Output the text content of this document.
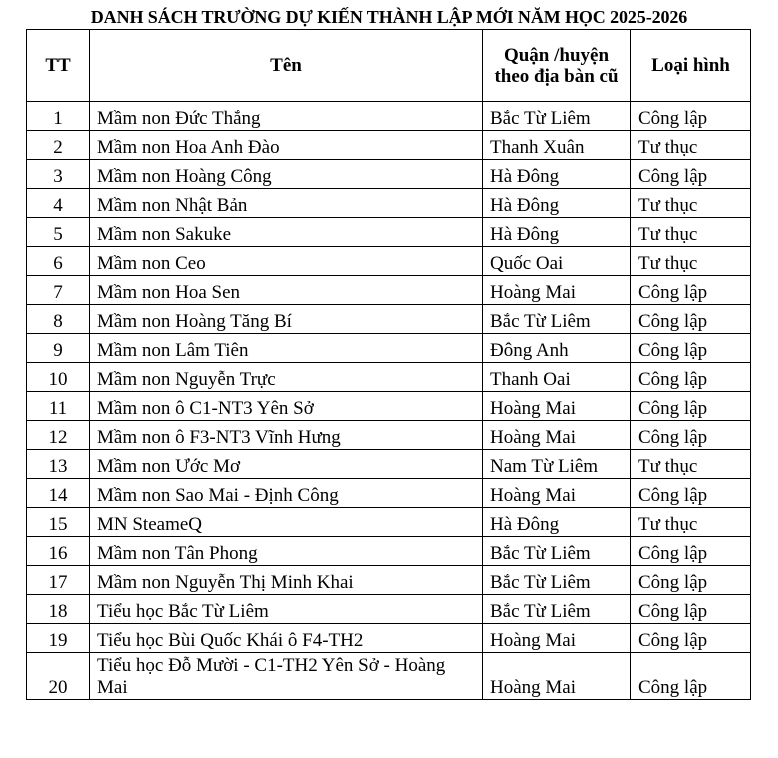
DANH SÁCH TRƯỜNG DỰ KIẾN THÀNH LẬP MỚI NĂM HỌC 2025-2026
TT	Tên	Quận /huyện theo địa bàn cũ	Loại hình
1	Mầm non Đức Thắng	Bắc Từ Liêm	Công lập
2	Mầm non Hoa Anh Đào	Thanh Xuân	Tư thục
3	Mầm non Hoàng Công	Hà Đông	Công lập
4	Mầm non Nhật Bản	Hà Đông	Tư thục
5	Mầm non Sakuke	Hà Đông	Tư thục
6	Mầm non Ceo	Quốc Oai	Tư thục
7	Mầm non Hoa Sen	Hoàng Mai	Công lập
8	Mầm non Hoàng Tăng Bí	Bắc Từ Liêm	Công lập
9	Mầm non Lâm Tiên	Đông Anh	Công lập
10	Mầm non Nguyễn Trực	Thanh Oai	Công lập
11	Mầm non ô C1-NT3 Yên Sở	Hoàng Mai	Công lập
12	Mầm non ô F3-NT3 Vĩnh Hưng	Hoàng Mai	Công lập
13	Mầm non Ước Mơ	Nam Từ Liêm	Tư thục
14	Mầm non Sao Mai - Định Công	Hoàng Mai	Công lập
15	MN SteameQ	Hà Đông	Tư thục
16	Mầm non Tân Phong	Bắc Từ Liêm	Công lập
17	Mầm non Nguyễn Thị Minh Khai	Bắc Từ Liêm	Công lập
18	Tiểu học Bắc Từ Liêm	Bắc Từ Liêm	Công lập
19	Tiểu học Bùi Quốc Khái ô F4-TH2	Hoàng Mai	Công lập
20	Tiểu học Đỗ Mười - C1-TH2 Yên Sở - Hoàng Mai	Hoàng Mai	Công lập
